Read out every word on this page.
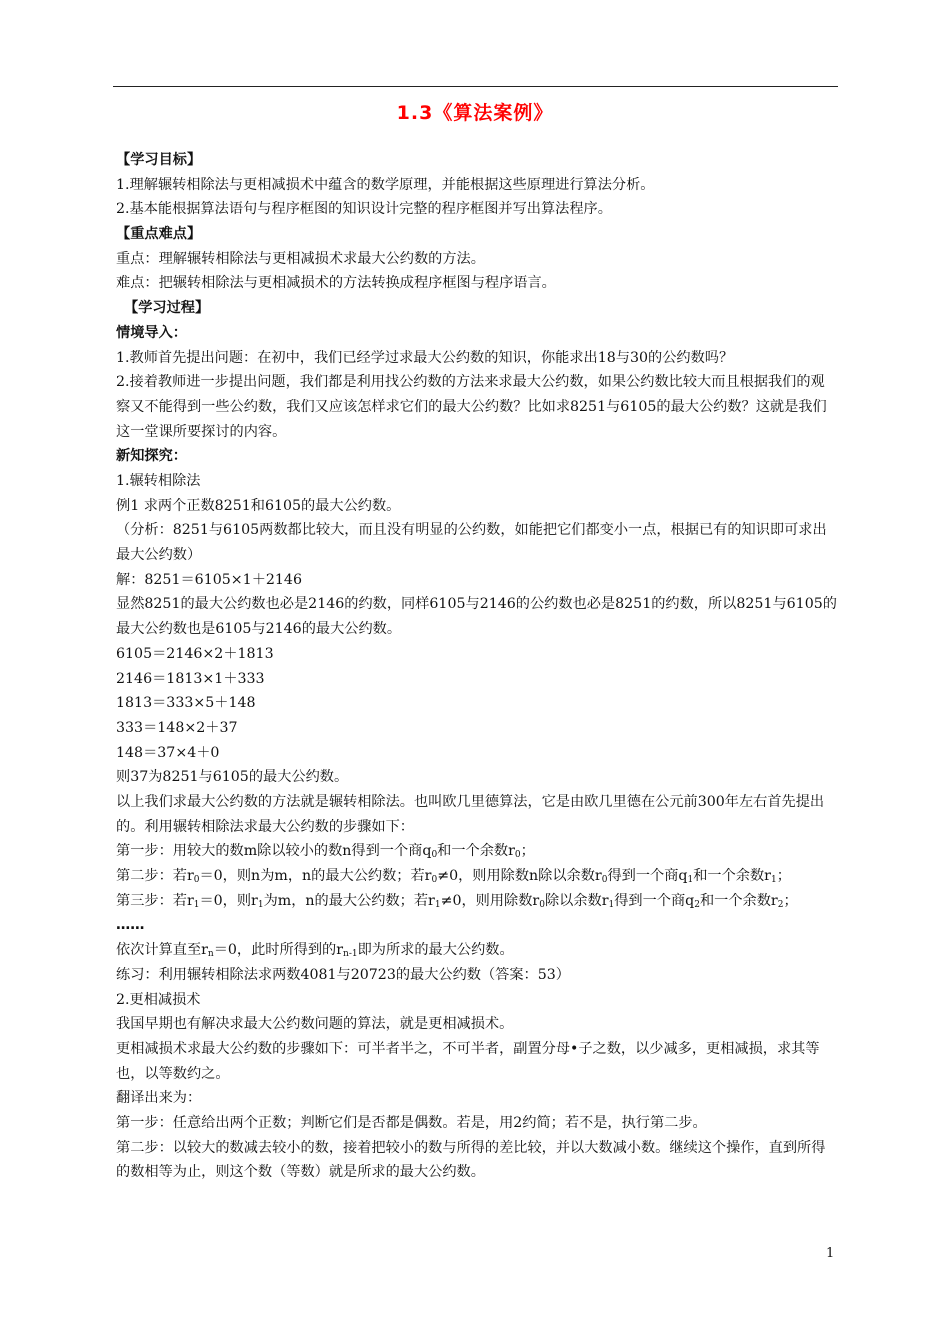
1.3《算法案例》
【学习目标】
1.理解辗转相除法与更相减损术中蕴含的数学原理，并能根据这些原理进行算法分析。
2.基本能根据算法语句与程序框图的知识设计完整的程序框图并写出算法程序。
【重点难点】
重点：理解辗转相除法与更相减损术求最大公约数的方法。
难点：把辗转相除法与更相减损术的方法转换成程序框图与程序语言。
【学习过程】
情境导入：
1.教师首先提出问题：在初中，我们已经学过求最大公约数的知识，你能求出18与30的公约数吗？
2.接着教师进一步提出问题，我们都是利用找公约数的方法来求最大公约数，如果公约数比较大而且根据我们的观察又不能得到一些公约数，我们又应该怎样求它们的最大公约数？比如求8251与6105的最大公约数？这就是我们这一堂课所要探讨的内容。
新知探究：
1.辗转相除法
例1 求两个正数8251和6105的最大公约数。
（分析：8251与6105两数都比较大，而且没有明显的公约数，如能把它们都变小一点，根据已有的知识即可求出最大公约数）
解：8251＝6105×1＋2146
显然8251的最大公约数也必是2146的约数，同样6105与2146的公约数也必是8251的约数，所以8251与6105的最大公约数也是6105与2146的最大公约数。
6105＝2146×2＋1813
2146＝1813×1＋333
1813＝333×5＋148
333＝148×2＋37
148＝37×4＋0
则37为8251与6105的最大公约数。
以上我们求最大公约数的方法就是辗转相除法。也叫欧几里德算法，它是由欧几里德在公元前300年左右首先提出的。利用辗转相除法求最大公约数的步骤如下：
第一步：用较大的数m除以较小的数n得到一个商$q_0$和一个余数$r_0$；
第二步：若$r_0=0$，则n为m，n的最大公约数；若$r_0\ne 0$，则用除数n除以余数$r_0$得到一个商$q_1$和一个余数$r_1$；
第三步：若$r_1=0$，则$r_1$为m，n的最大公约数；若$r_1\ne 0$，则用除数$r_0$除以余数$r_1$得到一个商$q_2$和一个余数$r_2$；
……
依次计算直至$r_n=0$，此时所得到的$r_{n-1}$即为所求的最大公约数。
练习：利用辗转相除法求两数4081与20723的最大公约数（答案：53）
2.更相减损术
我国早期也有解决求最大公约数问题的算法，就是更相减损术。
更相减损术求最大公约数的步骤如下：可半者半之，不可半者，副置分母•子之数，以少减多，更相减损，求其等也，以等数约之。
翻译出来为：
第一步：任意给出两个正数；判断它们是否都是偶数。若是，用2约简；若不是，执行第二步。
第二步：以较大的数减去较小的数，接着把较小的数与所得的差比较，并以大数减小数。继续这个操作，直到所得的数相等为止，则这个数（等数）就是所求的最大公约数。
1
